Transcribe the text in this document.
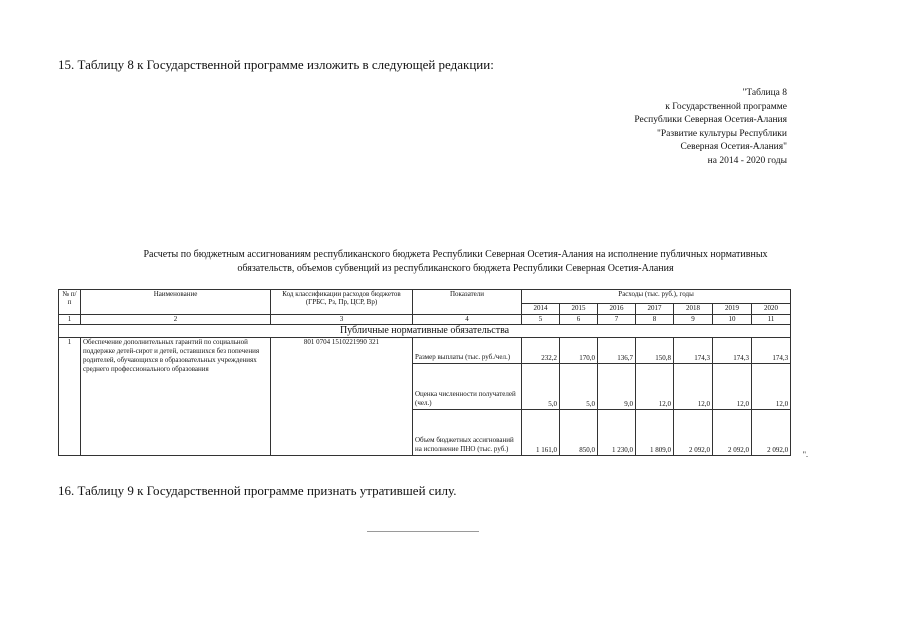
15. Таблицу 8 к Государственной программе изложить в следующей редакции:
"Таблица 8
к Государственной программе
Республики Северная Осетия-Алания
"Развитие культуры Республики
Северная Осетия-Алания"
на 2014 - 2020 годы
Расчеты по бюджетным ассигнованиям республиканского бюджета Республики Северная Осетия-Алания на исполнение публичных нормативных
обязательств, объемов субвенций из республиканского бюджета Республики Северная Осетия-Алания
№ п/п	Наименование	Код классификации расходов бюджетов (ГРБС, Рз, Пр, ЦСР, Вр)	Показатели	Расходы (тыс. руб.), годы						
				2014	2015	2016	2017	2018	2019	2020
1	2	3	4	5	6	7	8	9	10	11
Публичные нормативные обязательства										
1	Обеспечение дополнительных гарантий по социальной поддержке детей-сирот и детей, оставшихся без попечения родителей, обучающихся в образовательных учреждениях среднего профессионального образования	801 0704 1510221990 321	Размер выплаты (тыс. руб./чел.)	232,2	170,0	136,7	150,8	174,3	174,3	174,3
			Оценка численности получателей (чел.)	5,0	5,0	9,0	12,0	12,0	12,0	12,0
			Объем бюджетных ассигнований на исполнение ПНО (тыс. руб.)	1 161,0	850,0	1 230,0	1 809,0	2 092,0	2 092,0	2 092,0 ".
16. Таблицу 9 к Государственной программе признать утратившей силу.
